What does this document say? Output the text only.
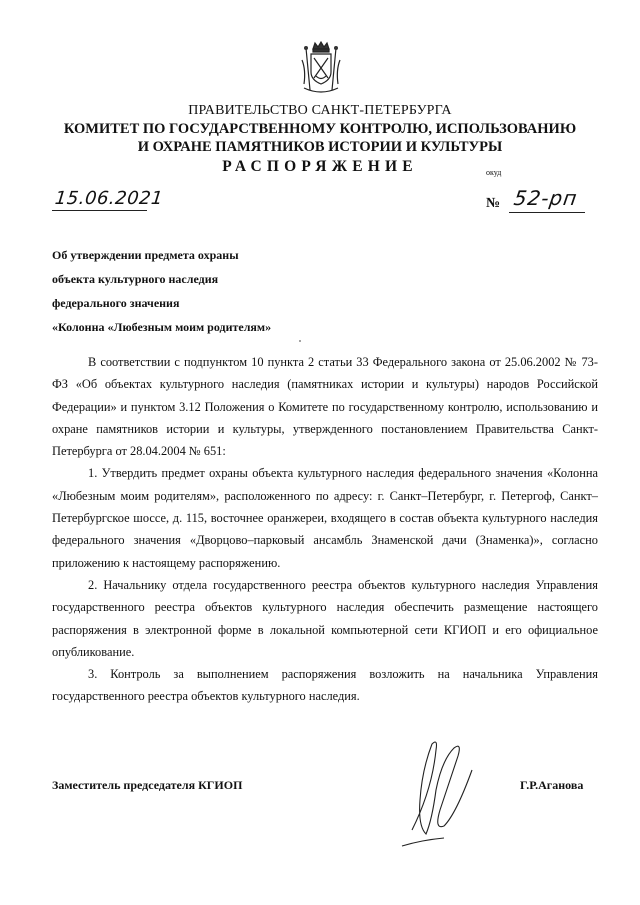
ПРАВИТЕЛЬСТВО САНКТ-ПЕТЕРБУРГА
КОМИТЕТ ПО ГОСУДАРСТВЕННОМУ КОНТРОЛЮ, ИСПОЛЬЗОВАНИЮ
И ОХРАНЕ ПАМЯТНИКОВ ИСТОРИИ И КУЛЬТУРЫ
РАСПОРЯЖЕНИЕ	окуд
15.06.2021	№ 52-рп
Об утверждении предмета охраны
объекта культурного наследия
федерального значения
«Колонна «Любезным моим родителям»

В соответствии с подпунктом 10 пункта 2 статьи 33 Федерального закона от 25.06.2002 № 73-ФЗ «Об объектах культурного наследия (памятниках истории и культуры) народов Российской Федерации» и пунктом 3.12 Положения о Комитете по государственному контролю, использованию и охране памятников истории и культуры, утвержденного постановлением Правительства Санкт-Петербурга от 28.04.2004 № 651:

1. Утвердить предмет охраны объекта культурного наследия федерального значения «Колонна «Любезным моим родителям», расположенного по адресу: г. Санкт–Петербург, г. Петергоф, Санкт–Петербургское шоссе, д. 115, восточнее оранжереи, входящего в состав объекта культурного наследия федерального значения «Дворцово–парковый ансамбль Знаменской дачи (Знаменка)», согласно приложению к настоящему распоряжению.

2. Начальнику отдела государственного реестра объектов культурного наследия Управления государственного реестра объектов культурного наследия обеспечить размещение настоящего распоряжения в электронной форме в локальной компьютерной сети КГИОП и его официальное опубликование.

3. Контроль за выполнением распоряжения возложить на начальника Управления государственного реестра объектов культурного наследия.

Заместитель председателя КГИОП	Г.Р.Аганова
